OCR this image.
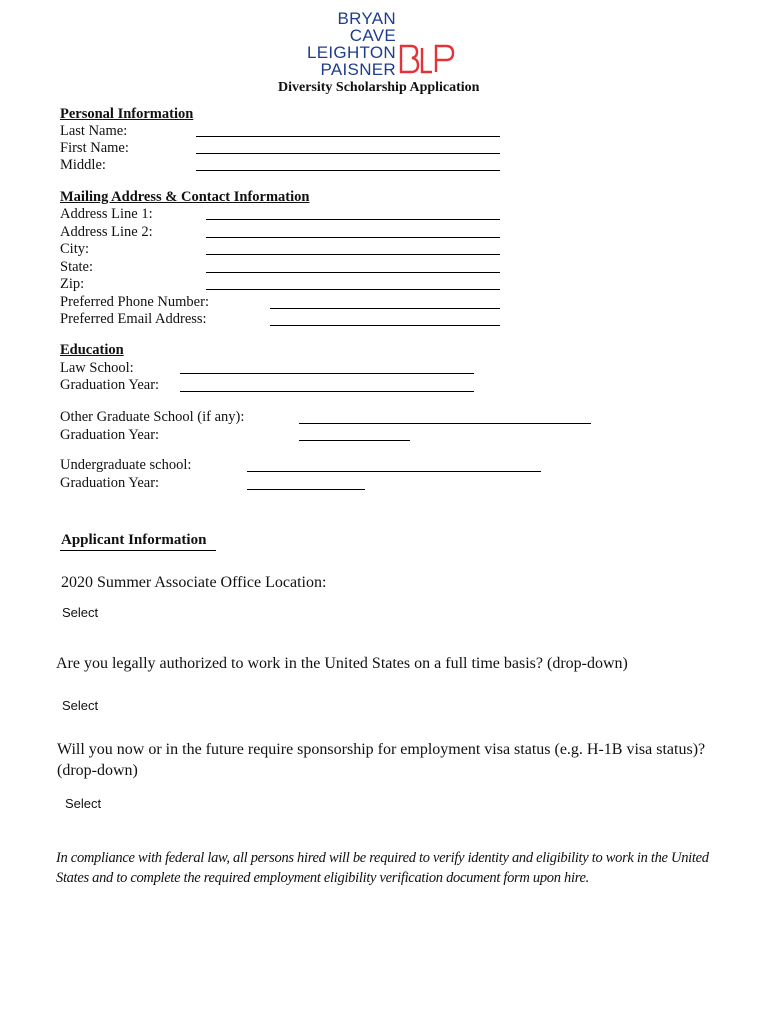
BRYAN
CAVE
LEIGHTON
PAISNER
Diversity Scholarship Application
Personal Information
Last Name:
First Name:
Middle:
Mailing Address & Contact Information
Address Line 1:
Address Line 2:
City:
State:
Zip:
Preferred Phone Number:
Preferred Email Address:
Education
Law School:
Graduation Year:
Other Graduate School (if any):
Graduation Year:
Undergraduate school:
Graduation Year:
Applicant Information
2020 Summer Associate Office Location:
Select
Are you legally authorized to work in the United States on a full time basis? (drop-down)
Select
Will you now or in the future require sponsorship for employment visa status (e.g. H-1B visa status)? (drop-down)
Select
In compliance with federal law, all persons hired will be required to verify identity and eligibility to work in the United States and to complete the required employment eligibility verification document form upon hire.
